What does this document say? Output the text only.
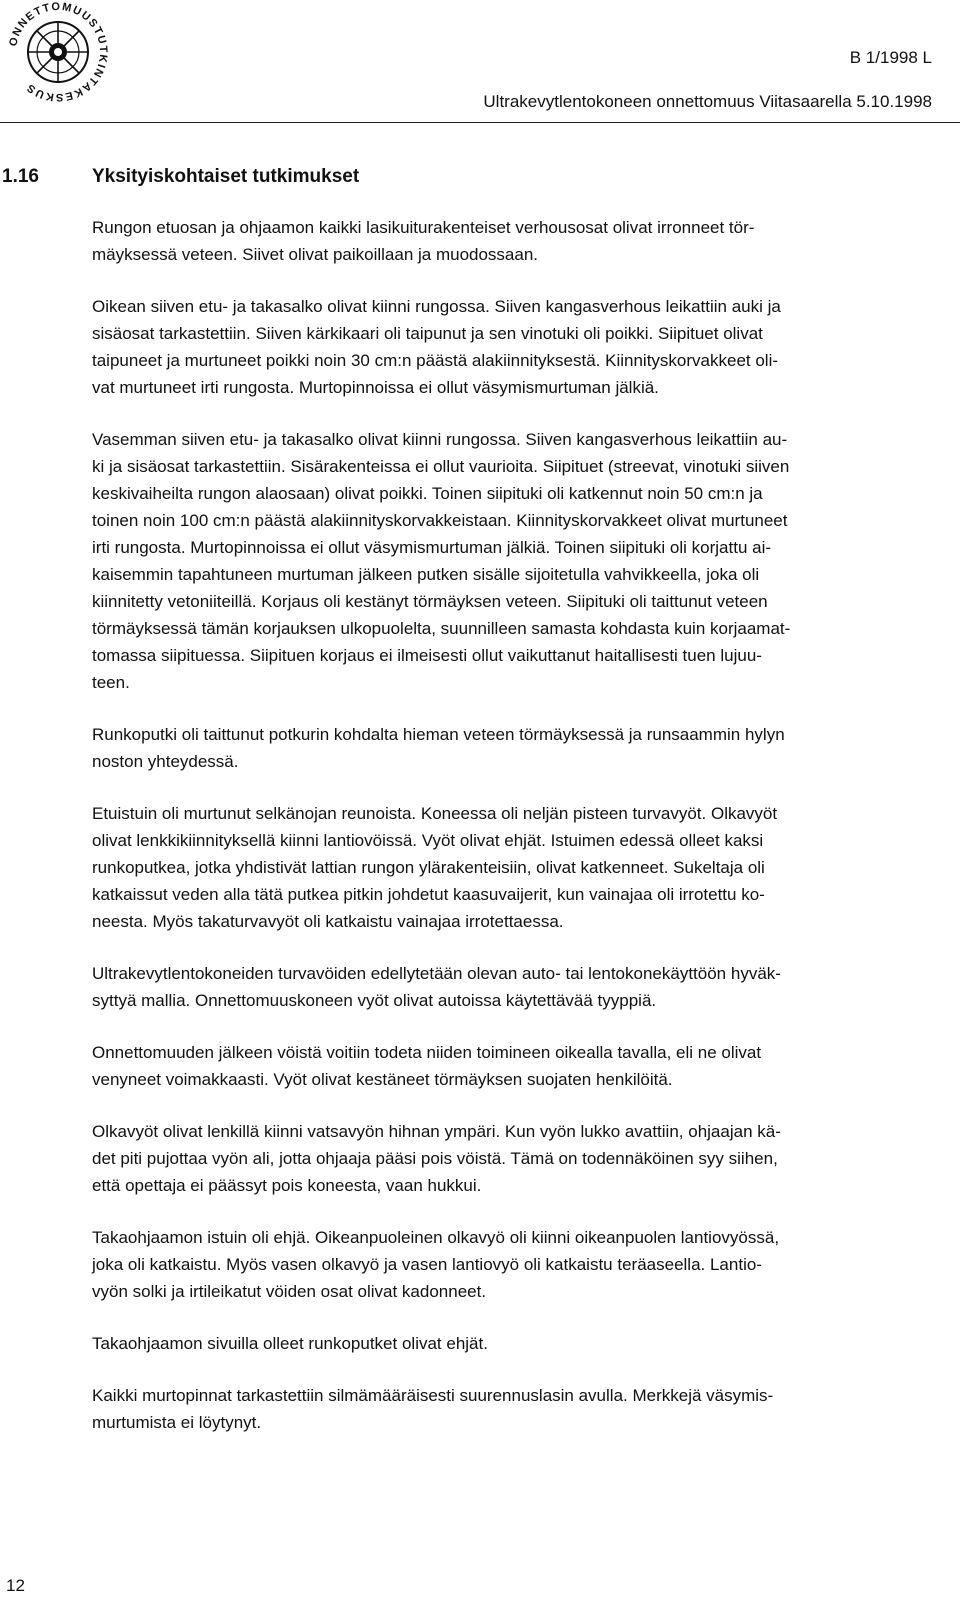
ONNETTOMUUSTUTKINTAKESKUS
B 1/1998 L
Ultrakevytlentokoneen onnettomuus Viitasaarella 5.10.1998
1.16	Yksityiskohtaiset tutkimukset

Rungon etuosan ja ohjaamon kaikki lasikuiturakenteiset verhousosat olivat irronneet tör-
mäyksessä veteen. Siivet olivat paikoillaan ja muodossaan.

Oikean siiven etu- ja takasalko olivat kiinni rungossa. Siiven kangasverhous leikattiin auki ja
sisäosat tarkastettiin. Siiven kärkikaari oli taipunut ja sen vinotuki oli poikki. Siipituet olivat
taipuneet ja murtuneet poikki noin 30 cm:n päästä alakiinnityksestä. Kiinnityskorvakkeet oli-
vat murtuneet irti rungosta. Murtopinnoissa ei ollut väsymismurtuman jälkiä.

Vasemman siiven etu- ja takasalko olivat kiinni rungossa. Siiven kangasverhous leikattiin au-
ki ja sisäosat tarkastettiin. Sisärakenteissa ei ollut vaurioita. Siipituet (streevat, vinotuki siiven
keskivaiheilta rungon alaosaan) olivat poikki. Toinen siipituki oli katkennut noin 50 cm:n ja
toinen noin 100 cm:n päästä alakiinnityskorvakkeistaan. Kiinnityskorvakkeet olivat murtuneet
irti rungosta. Murtopinnoissa ei ollut väsymismurtuman jälkiä. Toinen siipituki oli korjattu ai-
kaisemmin tapahtuneen murtuman jälkeen putken sisälle sijoitetulla vahvikkeella, joka oli
kiinnitetty vetoniiteillä. Korjaus oli kestänyt törmäyksen veteen. Siipituki oli taittunut veteen
törmäyksessä tämän korjauksen ulkopuolelta, suunnilleen samasta kohdasta kuin korjaamat-
tomassa siipituessa. Siipituen korjaus ei ilmeisesti ollut vaikuttanut haitallisesti tuen lujuu-
teen.

Runkoputki oli taittunut potkurin kohdalta hieman veteen törmäyksessä ja runsaammin hylyn
noston yhteydessä.

Etuistuin oli murtunut selkänojan reunoista. Koneessa oli neljän pisteen turvavyöt. Olkavyöt
olivat lenkkikiinnityksellä kiinni lantiovöissä. Vyöt olivat ehjät. Istuimen edessä olleet kaksi
runkoputkea, jotka yhdistivät lattian rungon ylärakenteisiin, olivat katkenneet. Sukeltaja oli
katkaissut veden alla tätä putkea pitkin johdetut kaasuvaijerit, kun vainajaa oli irrotettu ko-
neesta. Myös takaturvavyöt oli katkaistu vainajaa irrotettaessa.

Ultrakevytlentokoneiden turvavöiden edellytetään olevan auto- tai lentokonekäyttöön hyväk-
syttyä mallia. Onnettomuuskoneen vyöt olivat autoissa käytettävää tyyppiä.

Onnettomuuden jälkeen vöistä voitiin todeta niiden toimineen oikealla tavalla, eli ne olivat
venyneet voimakkaasti. Vyöt olivat kestäneet törmäyksen suojaten henkilöitä.

Olkavyöt olivat lenkillä kiinni vatsavyön hihnan ympäri. Kun vyön lukko avattiin, ohjaajan kä-
det piti pujottaa vyön ali, jotta ohjaaja pääsi pois vöistä. Tämä on todennäköinen syy siihen,
että opettaja ei päässyt pois koneesta, vaan hukkui.

Takaohjaamon istuin oli ehjä. Oikeanpuoleinen olkavyö oli kiinni oikeanpuolen lantiovyössä,
joka oli katkaistu. Myös vasen olkavyö ja vasen lantiovyö oli katkaistu teräaseella. Lantio-
vyön solki ja irtileikatut vöiden osat olivat kadonneet.

Takaohjaamon sivuilla olleet runkoputket olivat ehjät.

Kaikki murtopinnat tarkastettiin silmämääräisesti suurennuslasin avulla. Merkkejä väsymis-
murtumista ei löytynyt.

12
